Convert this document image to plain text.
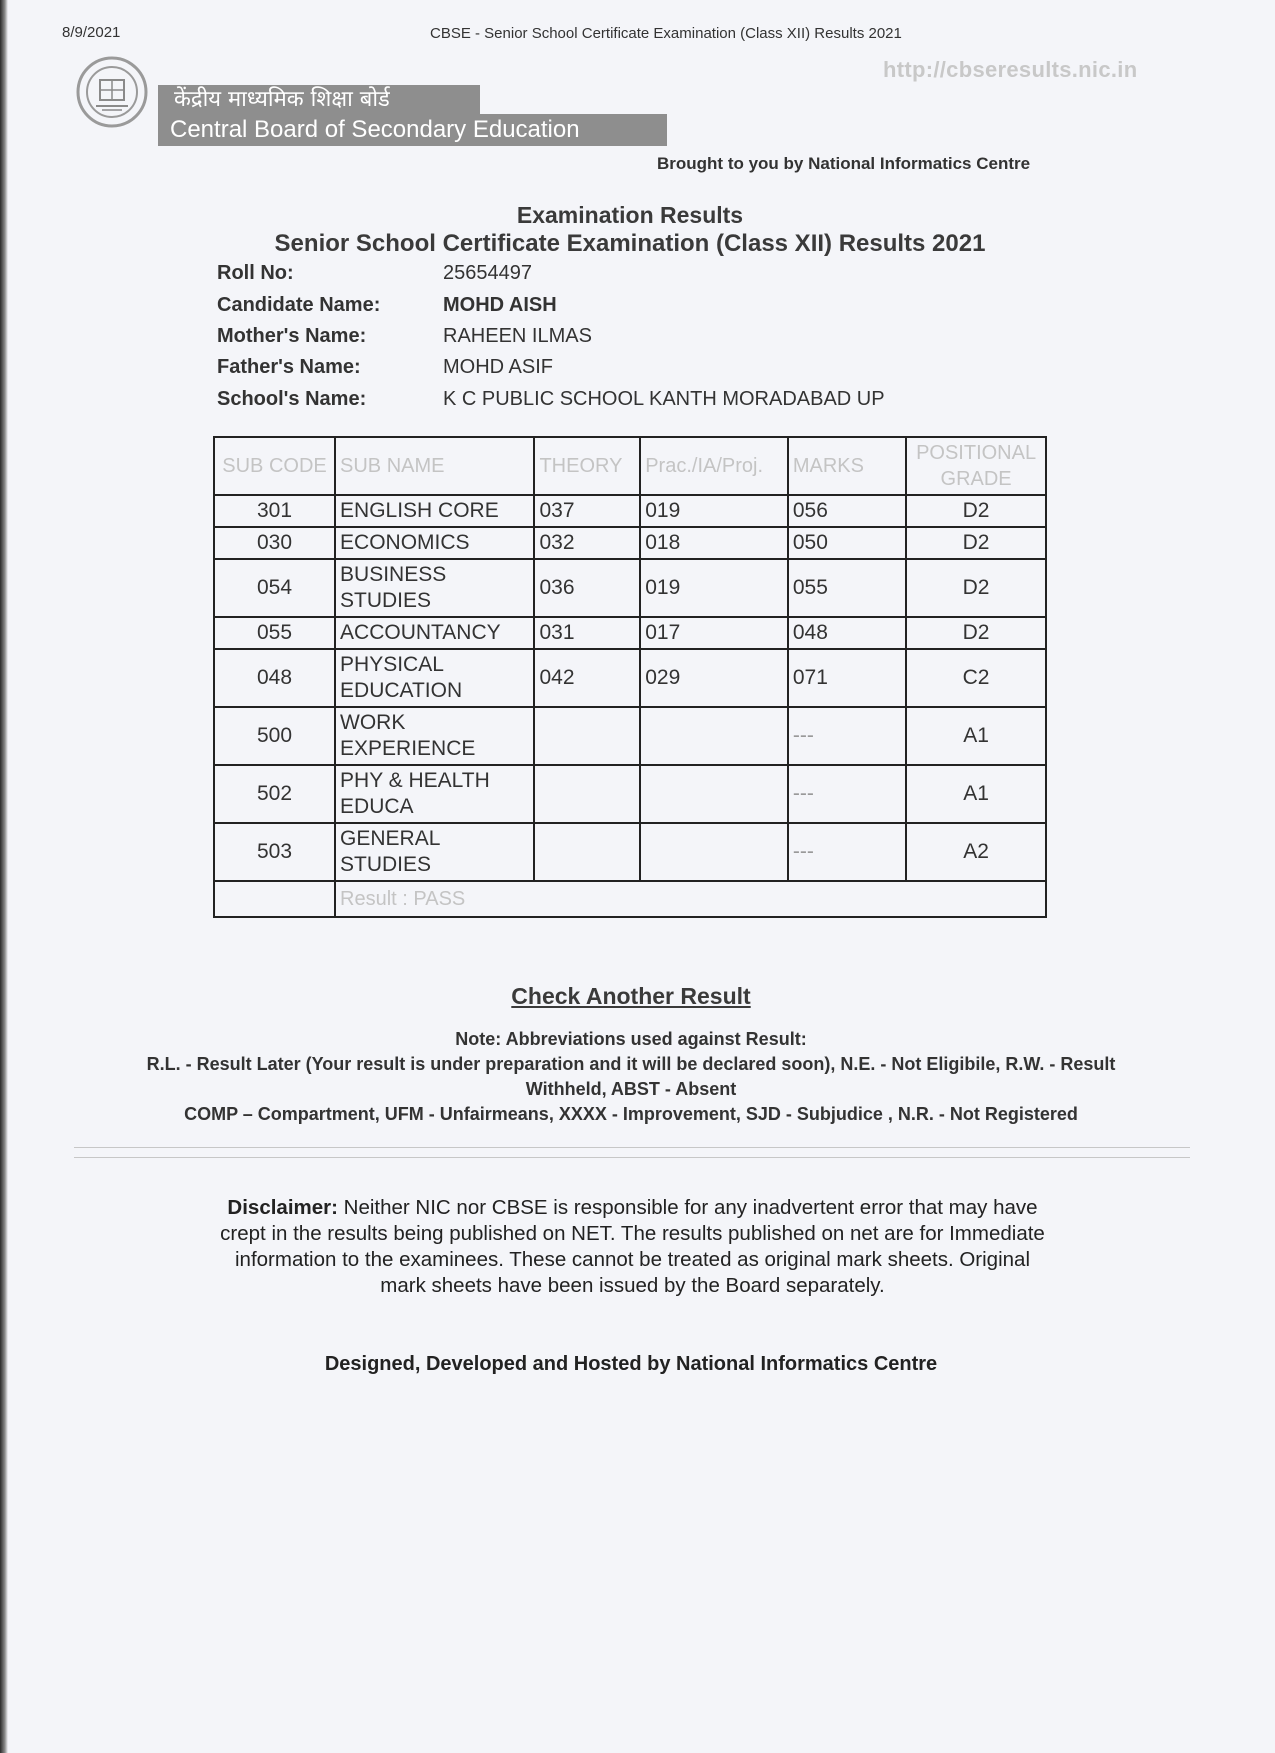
8/9/2021	CBSE - Senior School Certificate Examination (Class XII) Results 2021
http://cbseresults.nic.in
केंद्रीय माध्यमिक शिक्षा बोर्ड
Central Board of Secondary Education
Brought to you by National Informatics Centre
Examination Results
Senior School Certificate Examination (Class XII) Results 2021
Roll No:	25654497
Candidate Name:	MOHD AISH
Mother's Name:	RAHEEN ILMAS
Father's Name:	MOHD ASIF
School's Name:	K C PUBLIC SCHOOL KANTH MORADABAD UP
SUB CODE	SUB NAME	THEORY	Prac./IA/Proj.	MARKS	POSITIONAL GRADE
301	ENGLISH CORE	037	019	056	D2
030	ECONOMICS	032	018	050	D2
054	BUSINESS STUDIES	036	019	055	D2
055	ACCOUNTANCY	031	017	048	D2
048	PHYSICAL EDUCATION	042	029	071	C2
500	WORK EXPERIENCE			---	A1
502	PHY & HEALTH EDUCA			---	A1
503	GENERAL STUDIES			---	A2
	Result : PASS				
Check Another Result
Note: Abbreviations used against Result:
R.L. - Result Later (Your result is under preparation and it will be declared soon), N.E. - Not Eligibile, R.W. - Result
Withheld, ABST - Absent
COMP – Compartment, UFM - Unfairmeans, XXXX - Improvement, SJD - Subjudice , N.R. - Not Registered
Disclaimer: Neither NIC nor CBSE is responsible for any inadvertent error that may have crept in the results being published on NET. The results published on net are for Immediate information to the examinees. These cannot be treated as original mark sheets. Original mark sheets have been issued by the Board separately.
Designed, Developed and Hosted by National Informatics Centre
